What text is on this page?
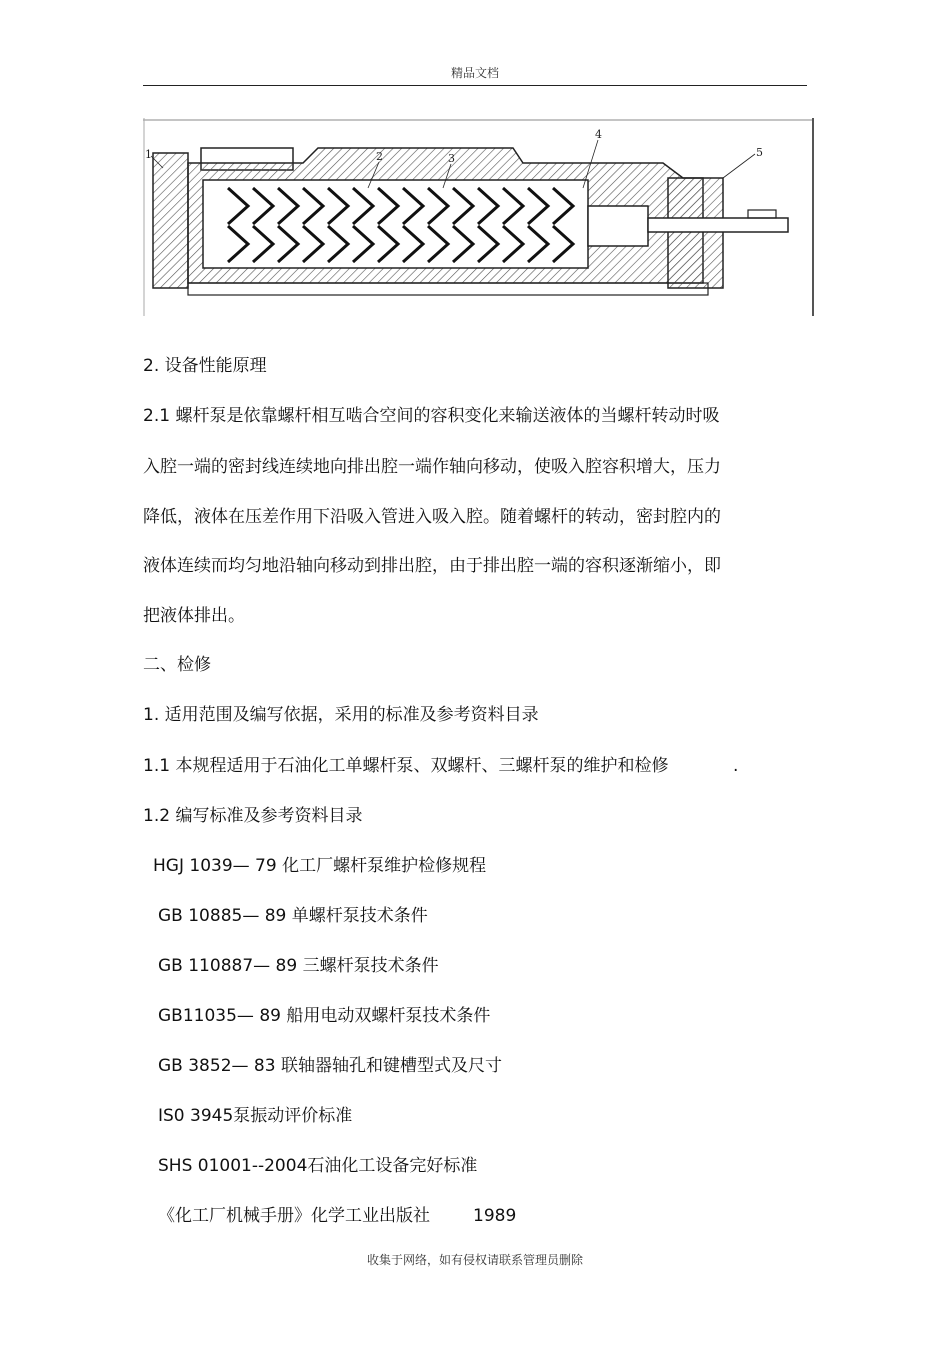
精品文档
1	2	3
4
5
2. 设备性能原理
2.1 螺杆泵是依靠螺杆相互啮合空间的容积变化来输送液体的当螺杆转动时吸
入腔一端的密封线连续地向排出腔一端作轴向移动，使吸入腔容积增大，压力
降低，液体在压差作用下沿吸入管进入吸入腔。随着螺杆的转动，密封腔内的
液体连续而均匀地沿轴向移动到排出腔，由于排出腔一端的容积逐渐缩小，即
把液体排出。
二、检修
1. 适用范围及编写依据，采用的标准及参考资料目录
1.1 本规程适用于石油化工单螺杆泵、双螺杆、三螺杆泵的维护和检修	.
1.2 编写标准及参考资料目录
HGJ 1039— 79 化工厂螺杆泵维护检修规程
GB 10885— 89 单螺杆泵技术条件
GB 110887— 89 三螺杆泵技术条件
GB11035— 89 船用电动双螺杆泵技术条件
GB 3852— 83 联轴器轴孔和键槽型式及尺寸
IS0 3945泵振动评价标准
SHS 01001--2004石油化工设备完好标准
《化工厂机械手册》化学工业出版社	1989
收集于网络，如有侵权请联系管理员删除
